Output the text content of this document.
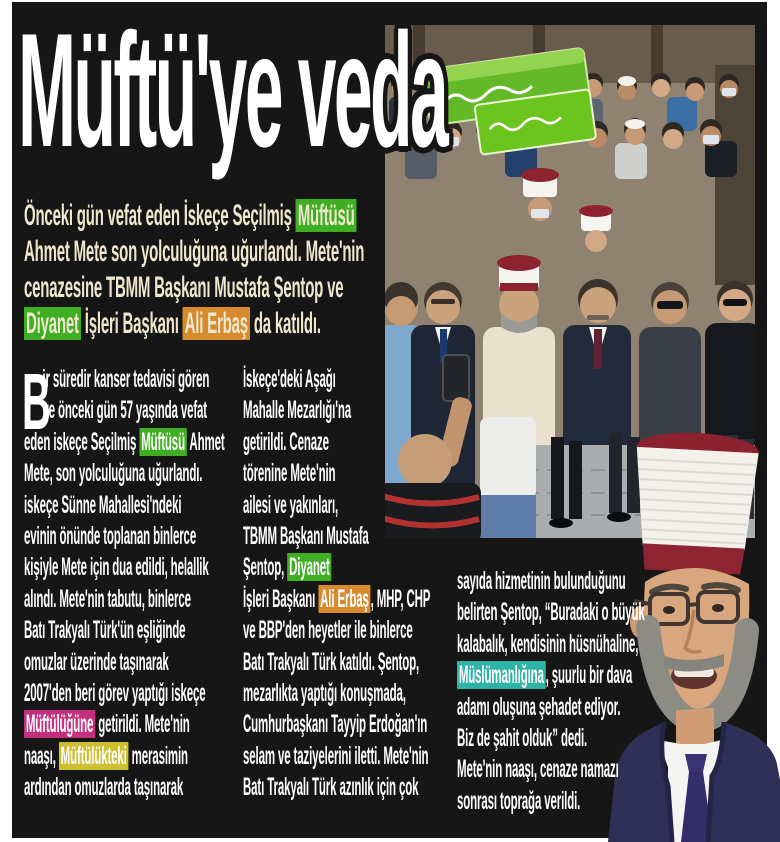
Müftü'ye veda
Önceki gün vefat eden İskeçe Seçilmiş Müftüsü
Ahmet Mete son yolculuğuna uğurlandı. Mete'nin
cenazesine TBMM Başkanı Mustafa Şentop ve
Diyanet İşleri Başkanı Ali Erbaş da katıldı.
B
ir süredir kanser tedavisi gören
ve önceki gün 57 yaşında vefat
eden iskeçe Seçilmiş Müftüsü Ahmet
Mete, son yolculuğuna uğurlandı.
iskeçe Sünne Mahallesi'ndeki
evinin önünde toplanan binlerce
kişiyle Mete için dua edildi, helallik
alındı. Mete'nin tabutu, binlerce
Batı Trakyalı Türk'ün eşliğinde
omuzlar üzerinde taşınarak
2007'den beri görev yaptığı iskeçe
Müftülüğüne getirildi. Mete'nin
naaşı, Müftülükteki merasimin
ardından omuzlarda taşınarak
İskeçe'deki Aşağı
Mahalle Mezarlığı'na
getirildi. Cenaze
törenine Mete'nin
ailesi ve yakınları,
TBMM Başkanı Mustafa
Şentop, Diyanet
İşleri Başkanı Ali Erbaş, MHP, CHP
ve BBP'den heyetler ile binlerce
Batı Trakyalı Türk katıldı. Şentop,
mezarlıkta yaptığı konuşmada,
Cumhurbaşkanı Tayyip Erdoğan'ın
selam ve taziyelerini iletti. Mete'nin
Batı Trakyalı Türk azınlık için çok
sayıda hizmetinin bulunduğunu
belirten Şentop, “Buradaki o büyük
kalabalık, kendisinin hüsnühaline,
Müslümanlığına, şuurlu bir dava
adamı oluşuna şehadet ediyor.
Biz de şahit olduk” dedi.
Mete'nin naaşı, cenaze namazı
sonrası toprağa verildi.
